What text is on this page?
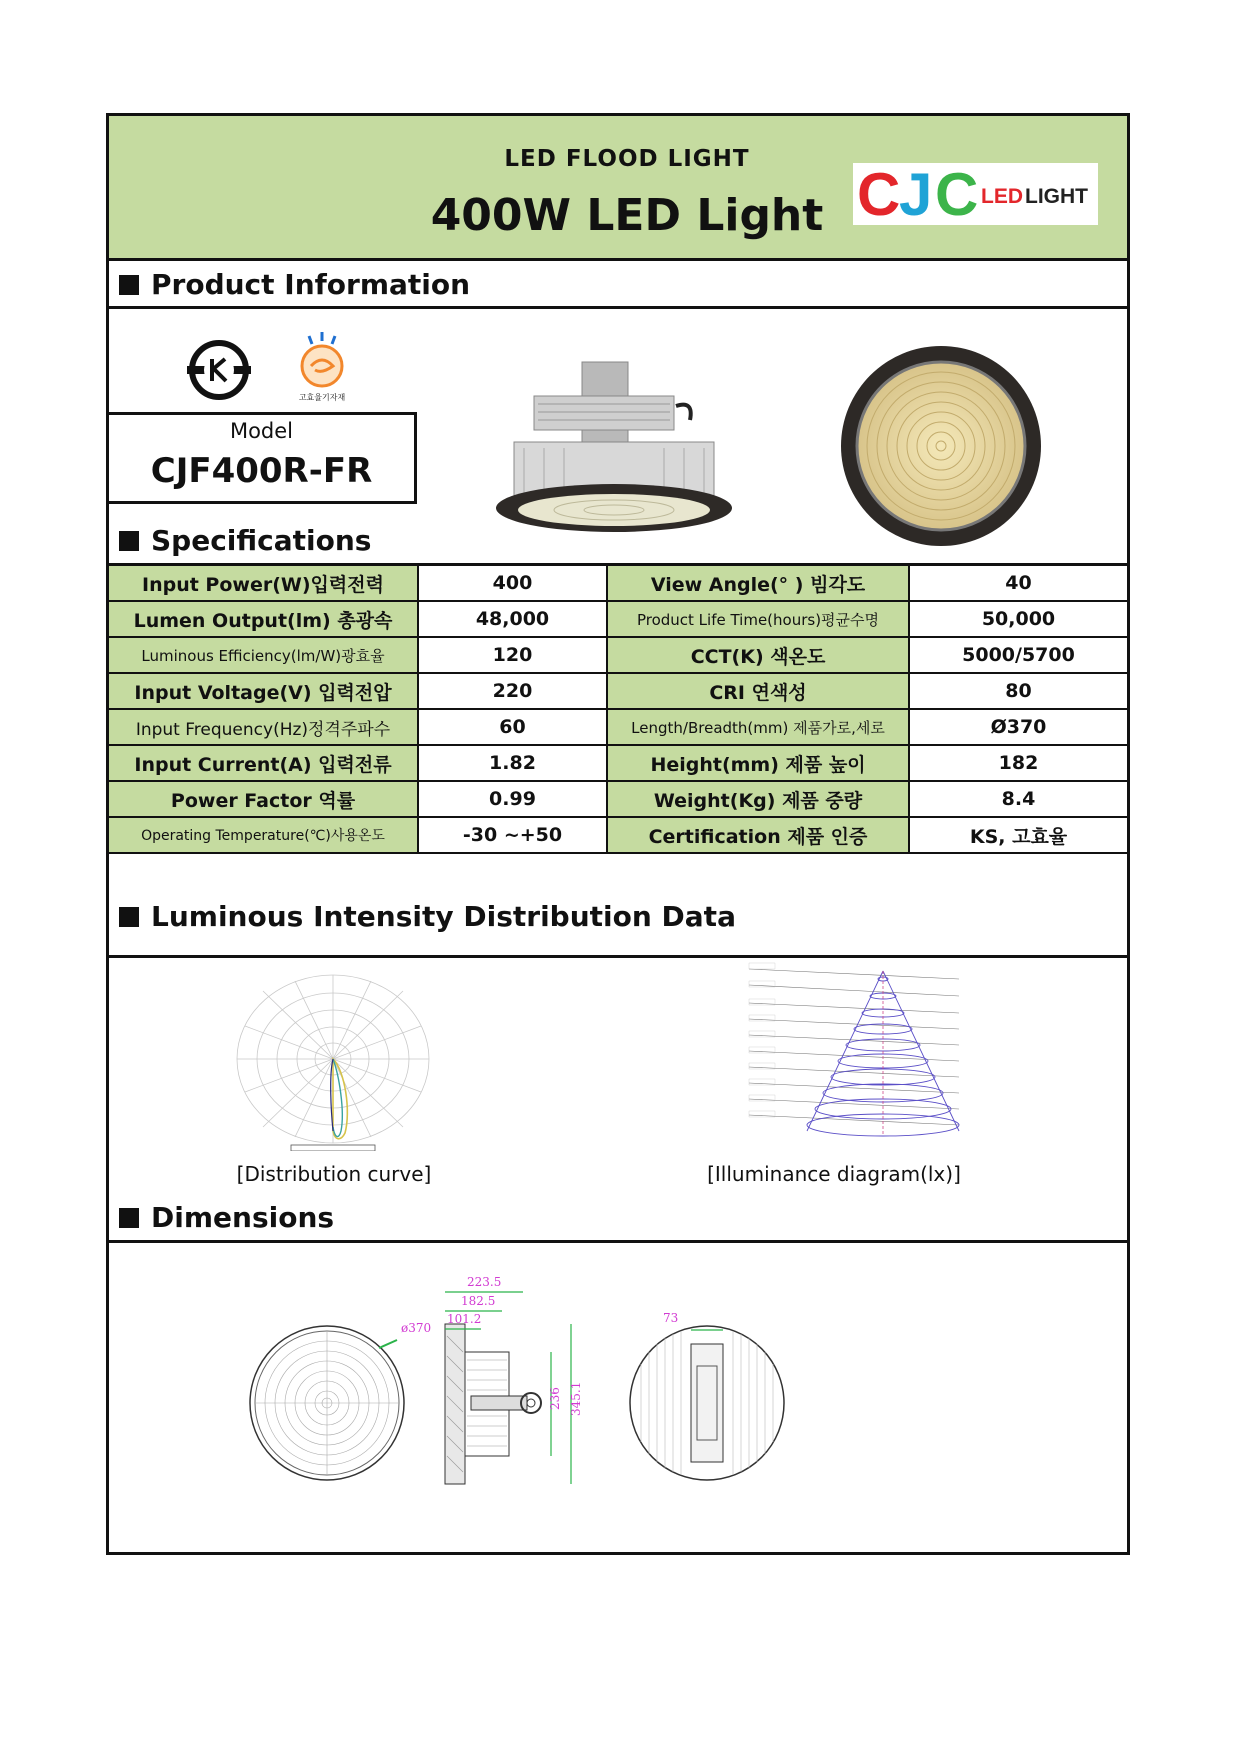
LED FLOOD LIGHT
400W LED Light C J C LED LIGHT
Product Information
고효율기자재
Model
CJF400R-FR
Specifications
Input Power(W)입력전력	400	View Angle(° ) 빔각도	40
Lumen Output(lm) 총광속	48,000	Product Life Time(hours)평균수명	50,000
Luminous Efficiency(lm/W)광효율	120	CCT(K) 색온도	5000/5700
Input Voltage(V) 입력전압	220	CRI 연색성	80
Input Frequency(Hz)정격주파수	60	Length/Breadth(mm) 제품가로,세로	Ø370
Input Current(A) 입력전류	1.82	Height(mm) 제품 높이	182
Power Factor 역률	0.99	Weight(Kg) 제품 중량	8.4
Operating Temperature(℃)사용온도	-30 ~+50	Certification 제품 인증	KS, 고효율
Luminous Intensity Distribution Data
[Distribution curve]	[Illuminance diagram(lx)]
Dimensions
ø370
223.5
182.5
101.2
236 345.1
73
